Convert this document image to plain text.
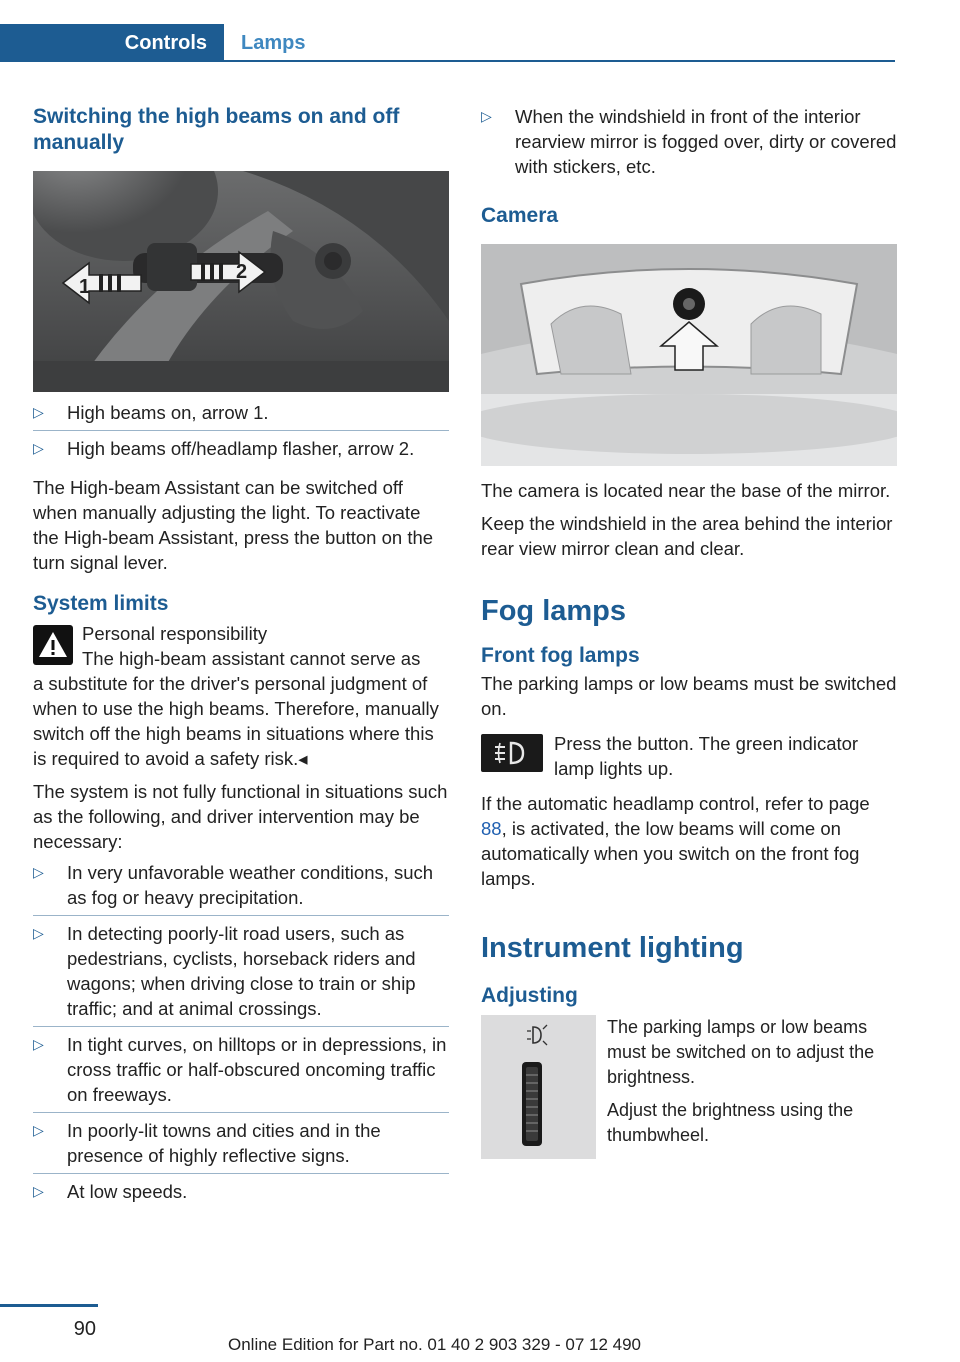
Controls	Lamps
Switching the high beams on and off manually
1
2
▷ High beams on, arrow 1.
▷ High beams off/headlamp flasher, arrow 2.

The High-beam Assistant can be switched off when manually adjusting the light. To reactivate the High-beam Assistant, press the button on the turn signal lever.

System limits
Personal responsibility
The high-beam assistant cannot serve as
a substitute for the driver's personal judgment of when to use the high beams. Therefore, manually switch off the high beams in situations where this is required to avoid a safety risk.◂

The system is not fully functional in situations such as the following, and driver intervention may be necessary:

▷ In very unfavorable weather conditions, such as fog or heavy precipitation.
▷ In detecting poorly-lit road users, such as pedestrians, cyclists, horseback riders and wagons; when driving close to train or ship traffic; and at animal crossings.
▷ In tight curves, on hilltops or in depressions, in cross traffic or half-obscured oncoming traffic on freeways.
▷ In poorly-lit towns and cities and in the presence of highly reflective signs.
▷ At low speeds.
▷ When the windshield in front of the interior rearview mirror is fogged over, dirty or covered with stickers, etc.
Camera

The camera is located near the base of the mirror.

Keep the windshield in the area behind the interior rear view mirror clean and clear.

Fog lamps
Front fog lamps

The parking lamps or low beams must be switched on.

Press the button. The green indicator lamp lights up.

If the automatic headlamp control, refer to page 88, is activated, the low beams will come on automatically when you switch on the front fog lamps.

Instrument lighting
Adjusting

The parking lamps or low beams must be switched on to adjust the brightness.

Adjust the brightness using the thumbwheel.

90
Online Edition for Part no. 01 40 2 903 329 - 07 12 490
